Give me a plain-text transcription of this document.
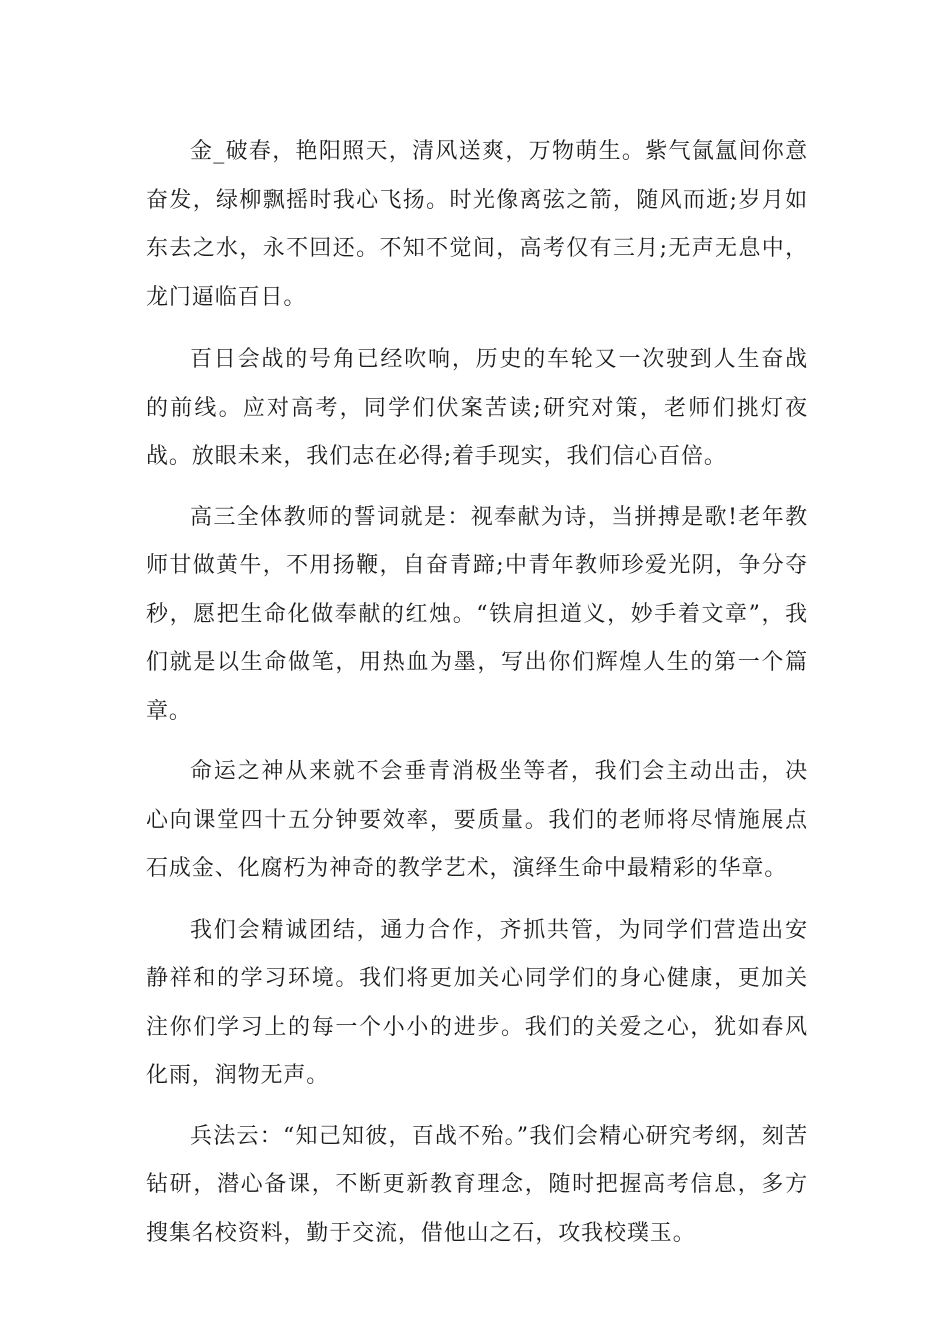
金_破春，艳阳照天，清风送爽，万物萌生。紫气氤氲间你意奋发，绿柳飘摇时我心飞扬。时光像离弦之箭，随风而逝;岁月如东去之水，永不回还。不知不觉间，高考仅有三月;无声无息中，龙门逼临百日。

百日会战的号角已经吹响，历史的车轮又一次驶到人生奋战的前线。应对高考，同学们伏案苦读;研究对策，老师们挑灯夜战。放眼未来，我们志在必得;着手现实，我们信心百倍。

高三全体教师的誓词就是：视奉献为诗，当拼搏是歌!老年教师甘做黄牛，不用扬鞭，自奋青蹄;中青年教师珍爱光阴，争分夺秒，愿把生命化做奉献的红烛。“铁肩担道义，妙手着文章”，我们就是以生命做笔，用热血为墨，写出你们辉煌人生的第一个篇章。

命运之神从来就不会垂青消极坐等者，我们会主动出击，决心向课堂四十五分钟要效率，要质量。我们的老师将尽情施展点石成金、化腐朽为神奇的教学艺术，演绎生命中最精彩的华章。

我们会精诚团结，通力合作，齐抓共管，为同学们营造出安静祥和的学习环境。我们将更加关心同学们的身心健康，更加关注你们学习上的每一个小小的进步。我们的关爱之心，犹如春风化雨，润物无声。

兵法云：“知己知彼，百战不殆。”我们会精心研究考纲，刻苦钻研，潜心备课，不断更新教育理念，随时把握高考信息，多方搜集名校资料，勤于交流，借他山之石，攻我校璞玉。
